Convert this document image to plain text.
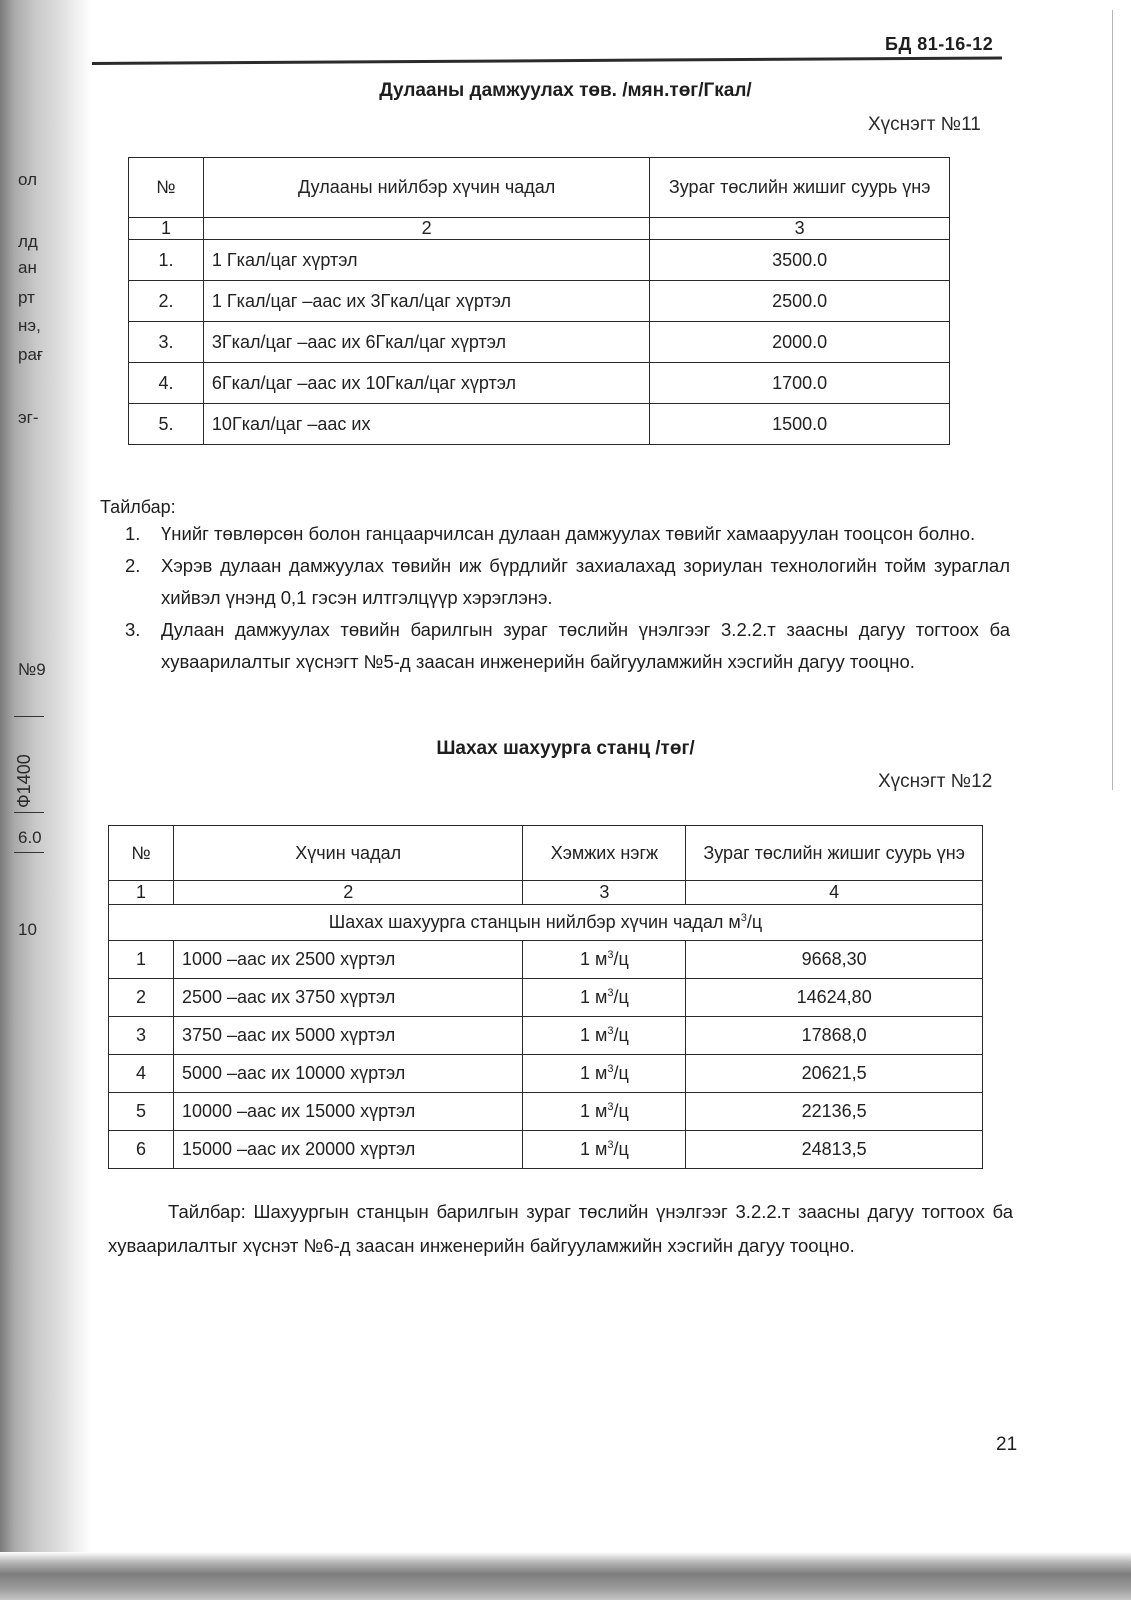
ол
лд
ан
рт
нэ,
рағ
эг-
№9
Ф1400
6.0
10
БД 81-16-12
Дулааны дамжуулах төв. /мян.төг/Гкал/
Хүснэгт №11
№	Дулааны нийлбэр хүчин чадал	Зураг төслийн жишиг суурь үнэ
1	2	3
1.	1 Гкал/цаг хүртэл	3500.0
2.	1 Гкал/цаг –аас их 3Гкал/цаг хүртэл	2500.0
3.	3Гкал/цаг –аас их 6Гкал/цаг хүртэл	2000.0
4.	6Гкал/цаг –аас их 10Гкал/цаг хүртэл	1700.0
5.	10Гкал/цаг –аас их	1500.0
Тайлбар:
1. Үнийг төвлөрсөн болон ганцаарчилсан дулаан дамжуулах төвийг хамааруулан тооцсон болно.
2. Хэрэв дулаан дамжуулах төвийн иж бүрдлийг захиалахад зориулан технологийн тойм зураглал хийвэл үнэнд 0,1 гэсэн илтгэлцүүр хэрэглэнэ.
3. Дулаан дамжуулах төвийн барилгын зураг төслийн үнэлгээг 3.2.2.т заасны дагуу тогтоох ба хуваарилалтыг хүснэгт №5-д заасан инженерийн байгууламжийн хэсгийн дагуу тооцно.
Шахах шахуурга станц /төг/
Хүснэгт №12
№	Хүчин чадал	Хэмжих нэгж	Зураг төслийн жишиг суурь үнэ
1	2	3	4
Шахах шахуурга станцын нийлбэр хүчин чадал $м^3/ц$			
1	1000 –аас их 2500 хүртэл	1 $м^3/ц$	9668,30
2	2500 –аас их 3750 хүртэл	1 $м^3/ц$	14624,80
3	3750 –аас их 5000 хүртэл	1 $м^3/ц$	17868,0
4	5000 –аас их 10000 хүртэл	1 $м^3/ц$	20621,5
5	10000 –аас их 15000 хүртэл	1 $м^3/ц$	22136,5
6	15000 –аас их 20000 хүртэл	1 $м^3/ц$	24813,5

Тайлбар: Шахуургын станцын барилгын зураг төслийн үнэлгээг 3.2.2.т заасны дагуу тогтоох ба хуваарилалтыг хүснэт №6-д заасан инженерийн байгууламжийн хэсгийн дагуу тооцно.

21
